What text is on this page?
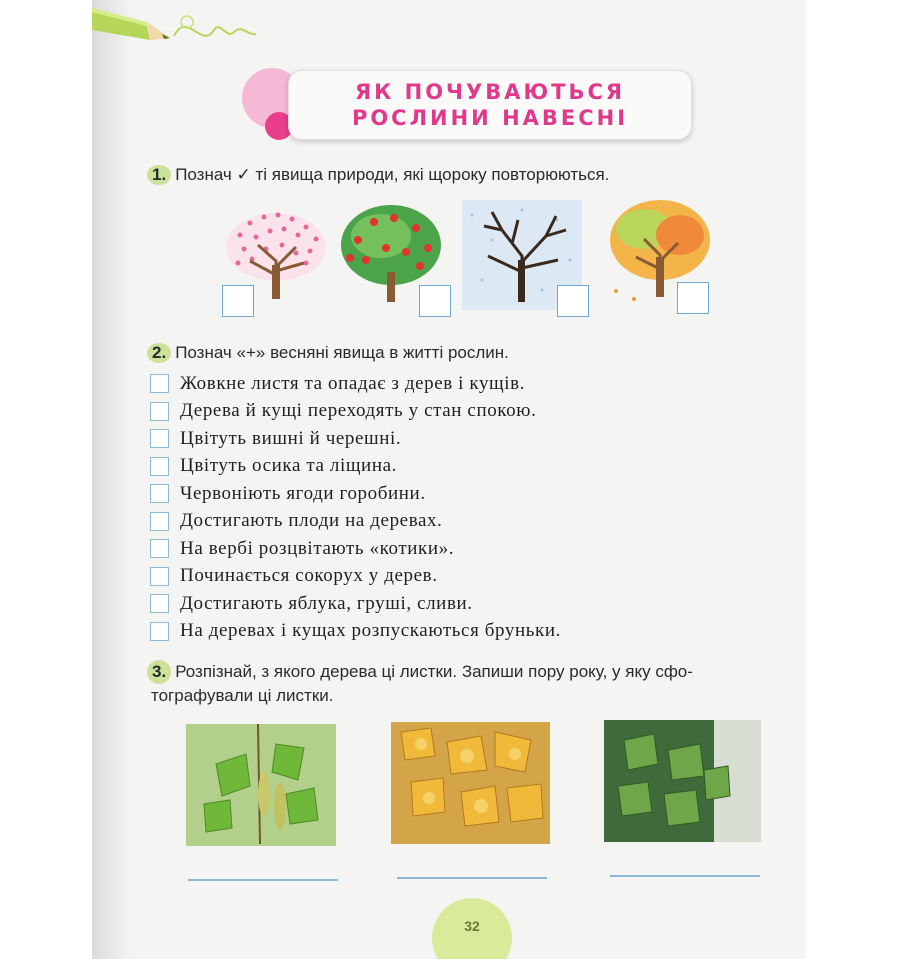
ЯК ПОЧУВАЮТЬСЯ
РОСЛИНИ НАВЕСНІ
1. Познач ✓ ті явища природи, які щороку повторюються.
2. Познач «+» весняні явища в житті рослин.
Жовкне листя та опадає з дерев і кущів.
Дерева й кущі переходять у стан спокою.
Цвітуть вишні й черешні.
Цвітуть осика та ліщина.
Червоніють ягоди горобини.
Достигають плоди на деревах.
На вербі розцвітають «котики».
Починається сокорух у дерев.
Достигають яблука, груші, сливи.
На деревах і кущах розпускаються бруньки.
3. Розпізнай, з якого дерева ці листки. Запиши пору року, у яку сфо-
тографували ці листки.
32
